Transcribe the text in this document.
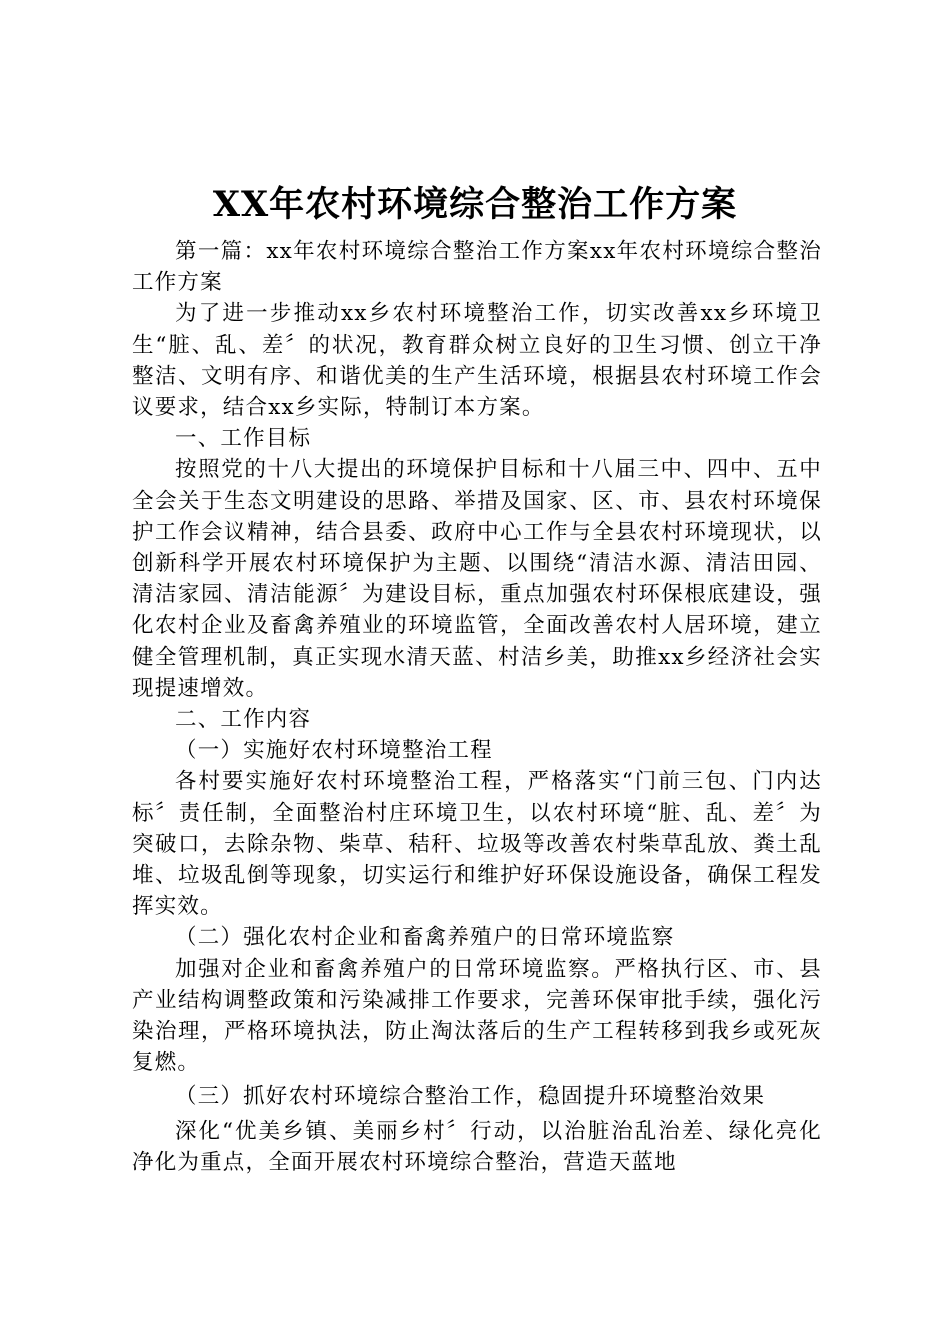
XX年农村环境综合整治工作方案

第一篇：xx年农村环境综合整治工作方案xx年农村环境综合整治工作方案

为了进一步推动xx乡农村环境整治工作，切实改善xx乡环境卫生“脏、乱、差〞的状况，教育群众树立良好的卫生习惯、创立干净整洁、文明有序、和谐优美的生产生活环境，根据县农村环境工作会议要求，结合xx乡实际，特制订本方案。

一、工作目标

按照党的十八大提出的环境保护目标和十八届三中、四中、五中全会关于生态文明建设的思路、举措及国家、区、市、县农村环境保护工作会议精神，结合县委、政府中心工作与全县农村环境现状，以创新科学开展农村环境保护为主题、以围绕“清洁水源、清洁田园、清洁家园、清洁能源〞为建设目标，重点加强农村环保根底建设，强化农村企业及畜禽养殖业的环境监管，全面改善农村人居环境，建立健全管理机制，真正实现水清天蓝、村洁乡美，助推xx乡经济社会实现提速增效。

二、工作内容

（一）实施好农村环境整治工程

各村要实施好农村环境整治工程，严格落实“门前三包、门内达标〞责任制，全面整治村庄环境卫生，以农村环境“脏、乱、差〞为突破口，去除杂物、柴草、秸秆、垃圾等改善农村柴草乱放、粪土乱堆、垃圾乱倒等现象，切实运行和维护好环保设施设备，确保工程发挥实效。

（二）强化农村企业和畜禽养殖户的日常环境监察

加强对企业和畜禽养殖户的日常环境监察。严格执行区、市、县产业结构调整政策和污染减排工作要求，完善环保审批手续，强化污染治理，严格环境执法，防止淘汰落后的生产工程转移到我乡或死灰复燃。

（三）抓好农村环境综合整治工作，稳固提升环境整治效果

深化“优美乡镇、美丽乡村〞行动，以治脏治乱治差、绿化亮化净化为重点，全面开展农村环境综合整治，营造天蓝地
